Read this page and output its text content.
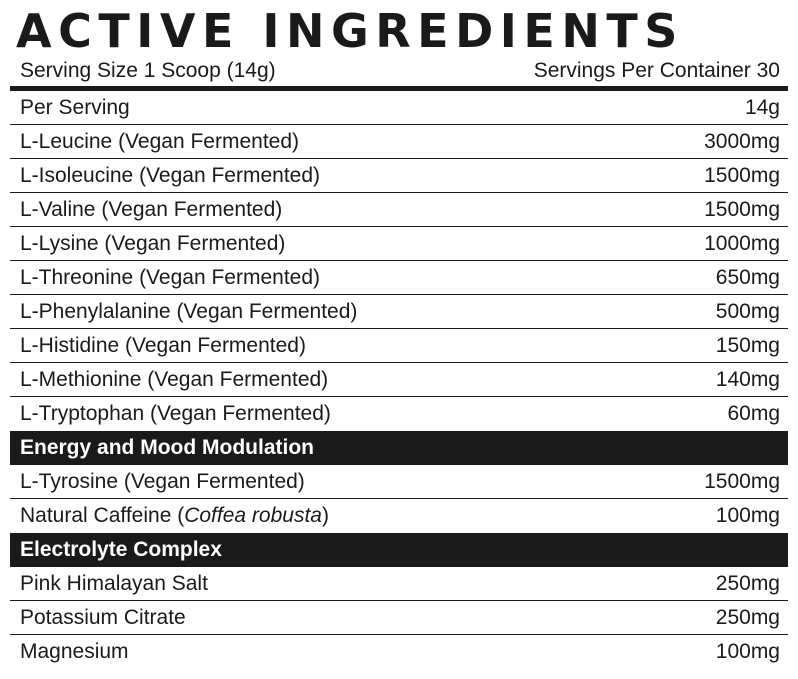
ACTIVE INGREDIENTS
Serving Size 1 Scoop (14g)	Servings Per Container 30
Per Serving	14g
L-Leucine (Vegan Fermented)	3000mg
L-Isoleucine (Vegan Fermented)	1500mg
L-Valine (Vegan Fermented)	1500mg
L-Lysine (Vegan Fermented)	1000mg
L-Threonine (Vegan Fermented)	650mg
L-Phenylalanine (Vegan Fermented)	500mg
L-Histidine (Vegan Fermented)	150mg
L-Methionine (Vegan Fermented)	140mg
L-Tryptophan (Vegan Fermented)	60mg
Energy and Mood Modulation
L-Tyrosine (Vegan Fermented)	1500mg
Natural Caffeine (Coffea robusta)	100mg
Electrolyte Complex
Pink Himalayan Salt	250mg
Potassium Citrate	250mg
Magnesium	100mg
